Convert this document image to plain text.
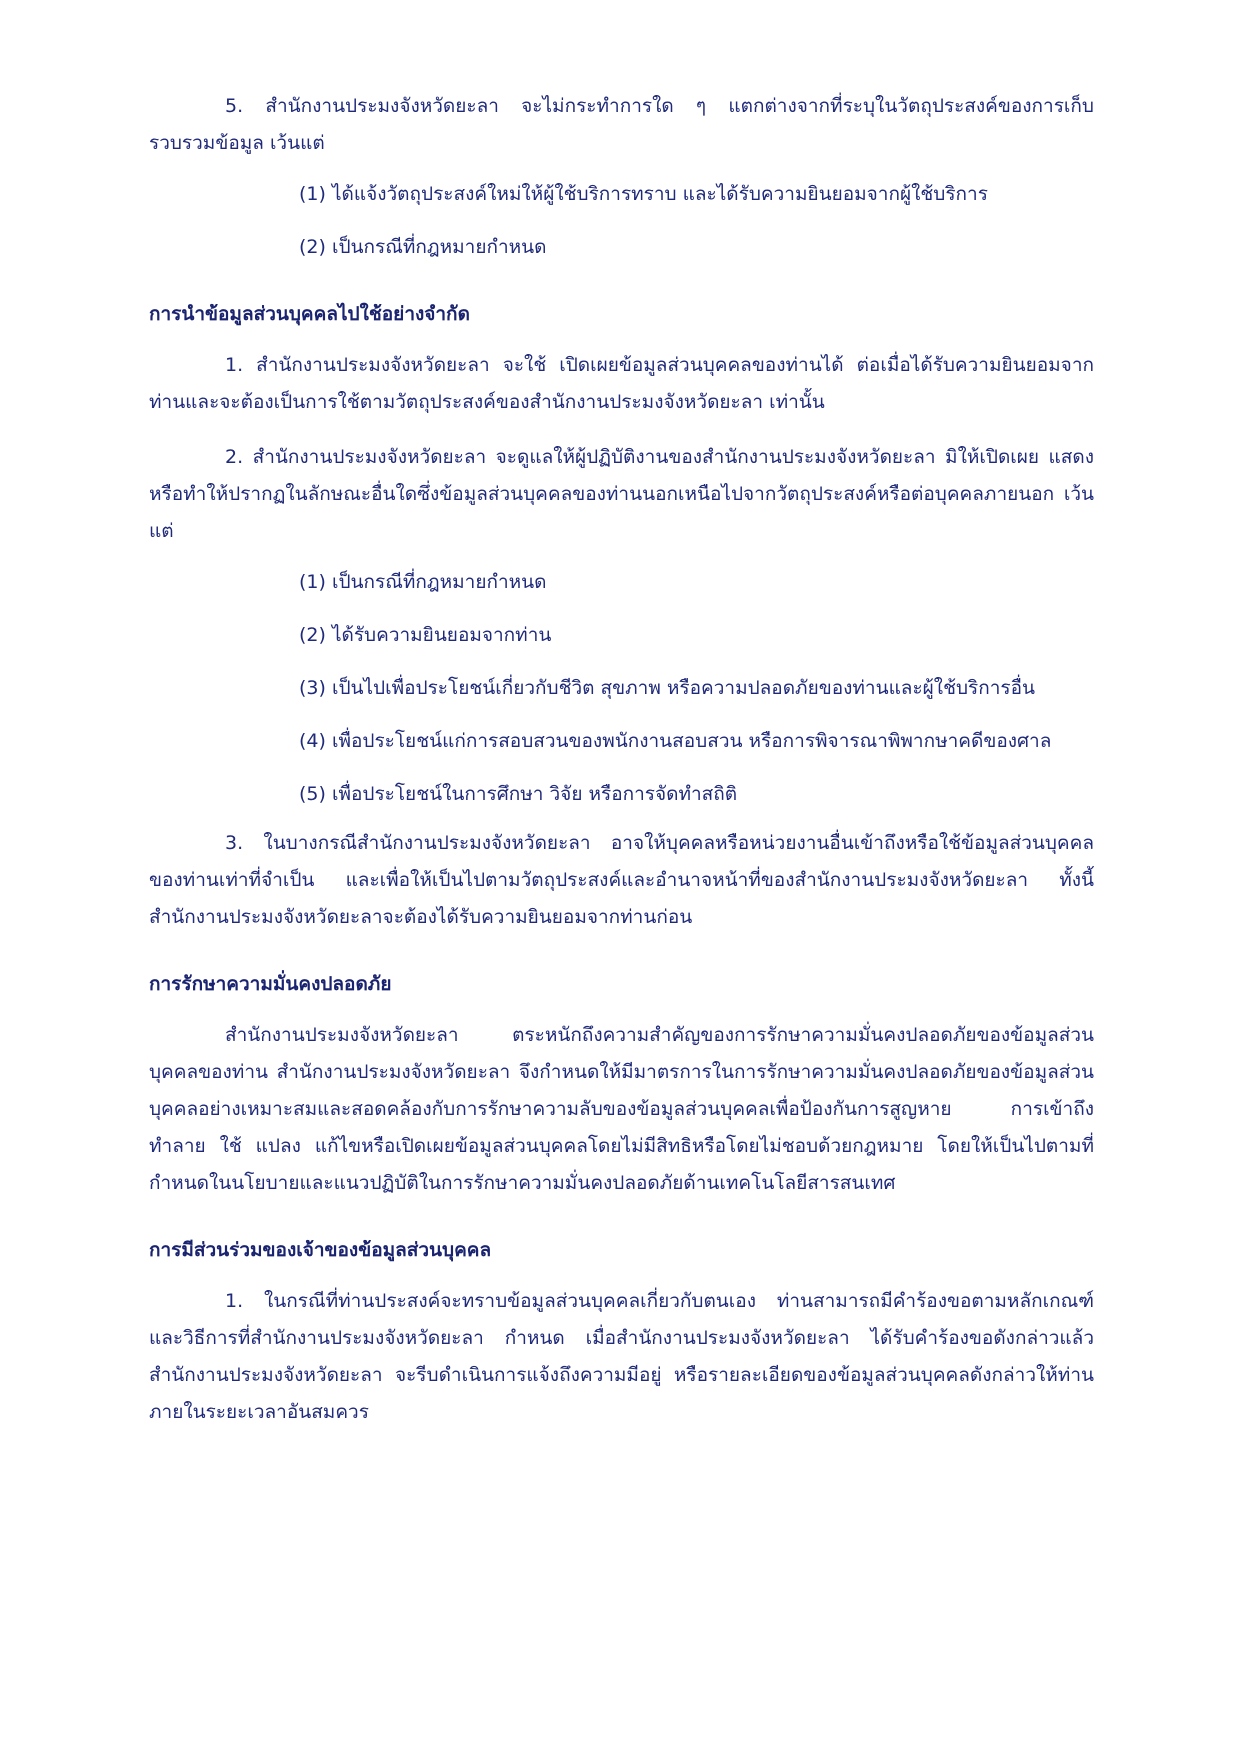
5. สำนักงานประมงจังหวัดยะลา จะไม่กระทำการใด ๆ แตกต่างจากที่ระบุในวัตถุประสงค์ของการเก็บรวบรวมข้อมูล เว้นแต่

(1) ได้แจ้งวัตถุประสงค์ใหม่ให้ผู้ใช้บริการทราบ และได้รับความยินยอมจากผู้ใช้บริการ

(2) เป็นกรณีที่กฎหมายกำหนด

การนำข้อมูลส่วนบุคคลไปใช้อย่างจำกัด

1. สำนักงานประมงจังหวัดยะลา จะใช้ เปิดเผยข้อมูลส่วนบุคคลของท่านได้ ต่อเมื่อได้รับความยินยอมจากท่านและจะต้องเป็นการใช้ตามวัตถุประสงค์ของสำนักงานประมงจังหวัดยะลา เท่านั้น

2. สำนักงานประมงจังหวัดยะลา จะดูแลให้ผู้ปฏิบัติงานของสำนักงานประมงจังหวัดยะลา มิให้เปิดเผย แสดง หรือทำให้ปรากฏในลักษณะอื่นใดซึ่งข้อมูลส่วนบุคคลของท่านนอกเหนือไปจากวัตถุประสงค์หรือต่อบุคคลภายนอก เว้นแต่

(1) เป็นกรณีที่กฎหมายกำหนด

(2) ได้รับความยินยอมจากท่าน

(3) เป็นไปเพื่อประโยชน์เกี่ยวกับชีวิต สุขภาพ หรือความปลอดภัยของท่านและผู้ใช้บริการอื่น

(4) เพื่อประโยชน์แก่การสอบสวนของพนักงานสอบสวน หรือการพิจารณาพิพากษาคดีของศาล

(5) เพื่อประโยชน์ในการศึกษา วิจัย หรือการจัดทำสถิติ

3. ในบางกรณีสำนักงานประมงจังหวัดยะลา อาจให้บุคคลหรือหน่วยงานอื่นเข้าถึงหรือใช้ข้อมูลส่วนบุคคลของท่านเท่าที่จำเป็น และเพื่อให้เป็นไปตามวัตถุประสงค์และอำนาจหน้าที่ของสำนักงานประมงจังหวัดยะลา ทั้งนี้ สำนักงานประมงจังหวัดยะลาจะต้องได้รับความยินยอมจากท่านก่อน

การรักษาความมั่นคงปลอดภัย

สำนักงานประมงจังหวัดยะลา ตระหนักถึงความสำคัญของการรักษาความมั่นคงปลอดภัยของข้อมูลส่วนบุคคลของท่าน สำนักงานประมงจังหวัดยะลา จึงกำหนดให้มีมาตรการในการรักษาความมั่นคงปลอดภัยของข้อมูลส่วนบุคคลอย่างเหมาะสมและสอดคล้องกับการรักษาความลับของข้อมูลส่วนบุคคลเพื่อป้องกันการสูญหาย การเข้าถึง ทำลาย ใช้ แปลง แก้ไขหรือเปิดเผยข้อมูลส่วนบุคคลโดยไม่มีสิทธิหรือโดยไม่ชอบด้วยกฎหมาย โดยให้เป็นไปตามที่กำหนดในนโยบายและแนวปฏิบัติในการรักษาความมั่นคงปลอดภัยด้านเทคโนโลยีสารสนเทศ

การมีส่วนร่วมของเจ้าของข้อมูลส่วนบุคคล

1. ในกรณีที่ท่านประสงค์จะทราบข้อมูลส่วนบุคคลเกี่ยวกับตนเอง ท่านสามารถมีคำร้องขอตามหลักเกณฑ์และวิธีการที่สำนักงานประมงจังหวัดยะลา กำหนด เมื่อสำนักงานประมงจังหวัดยะลา ได้รับคำร้องขอดังกล่าวแล้ว สำนักงานประมงจังหวัดยะลา จะรีบดำเนินการแจ้งถึงความมีอยู่ หรือรายละเอียดของข้อมูลส่วนบุคคลดังกล่าวให้ท่านภายในระยะเวลาอันสมควร
